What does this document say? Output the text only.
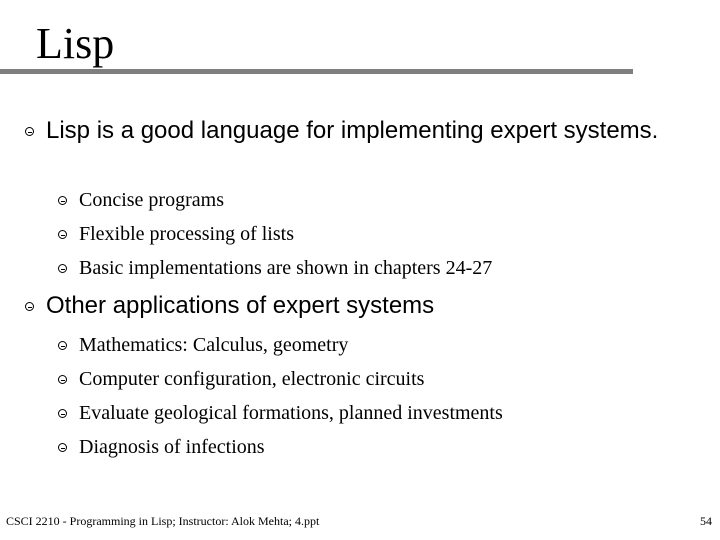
Lisp
Lisp is a good language for implementing expert systems.
Concise programs
Flexible processing of lists
Basic implementations are shown in chapters 24-27
Other applications of expert systems
Mathematics: Calculus, geometry
Computer configuration, electronic circuits
Evaluate geological formations, planned investments
Diagnosis of infections
CSCI 2210 - Programming in Lisp; Instructor: Alok Mehta; 4.ppt	54
